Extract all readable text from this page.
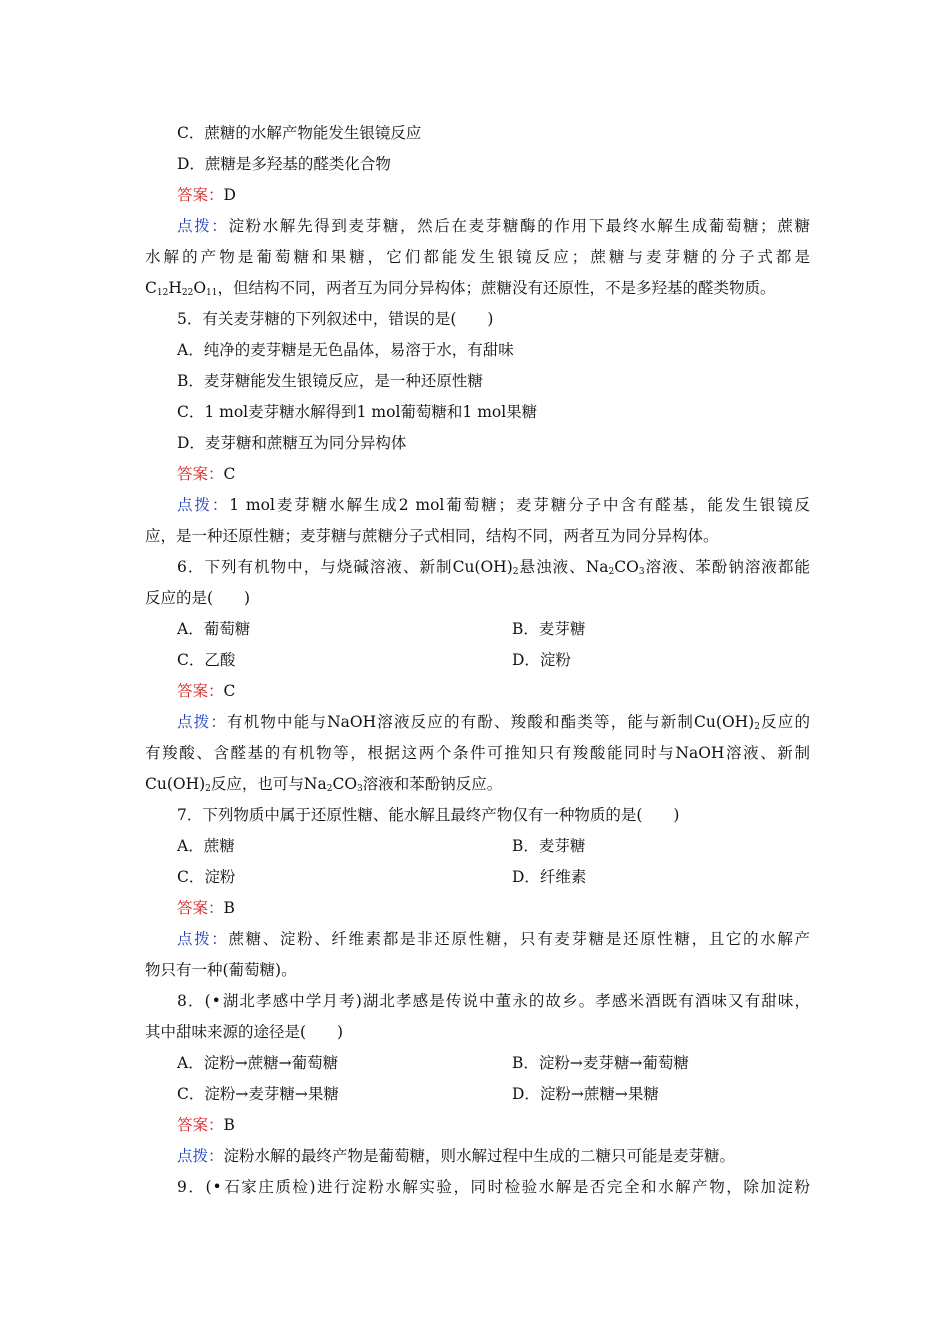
C．蔗糖的水解产物能发生银镜反应
D．蔗糖是多羟基的醛类化合物
答案：D
点拨：淀粉水解先得到麦芽糖，然后在麦芽糖酶的作用下最终水解生成葡萄糖；蔗糖
水解的产物是葡萄糖和果糖，它们都能发生银镜反应；蔗糖与麦芽糖的分子式都是
$C_{12}H_{22}O_{11}$，但结构不同，两者互为同分异构体；蔗糖没有还原性，不是多羟基的醛类物质。
5．有关麦芽糖的下列叙述中，错误的是(　　)
A．纯净的麦芽糖是无色晶体，易溶于水，有甜味
B．麦芽糖能发生银镜反应，是一种还原性糖
C．1 mol麦芽糖水解得到1 mol葡萄糖和1 mol果糖
D．麦芽糖和蔗糖互为同分异构体
答案：C
点拨：1 mol麦芽糖水解生成2 mol葡萄糖；麦芽糖分子中含有醛基，能发生银镜反
应，是一种还原性糖；麦芽糖与蔗糖分子式相同，结构不同，两者互为同分异构体。
6．下列有机物中，与烧碱溶液、新制$Cu(OH)_2$悬浊液、$Na_2CO_3$溶液、苯酚钠溶液都能
反应的是(　　)
A．葡萄糖	B．麦芽糖
C．乙酸	D．淀粉
答案：C
点拨：有机物中能与NaOH溶液反应的有酚、羧酸和酯类等，能与新制$Cu(OH)_2$反应的
有羧酸、含醛基的有机物等，根据这两个条件可推知只有羧酸能同时与NaOH溶液、新制
$Cu(OH)_2$反应，也可与$Na_2CO_3$溶液和苯酚钠反应。
7．下列物质中属于还原性糖、能水解且最终产物仅有一种物质的是(　　)
A．蔗糖	B．麦芽糖
C．淀粉	D．纤维素
答案：B
点拨：蔗糖、淀粉、纤维素都是非还原性糖，只有麦芽糖是还原性糖，且它的水解产
物只有一种(葡萄糖)。
8．(•湖北孝感中学月考)湖北孝感是传说中董永的故乡。孝感米酒既有酒味又有甜味，
其中甜味来源的途径是(　　)
A．淀粉→蔗糖→葡萄糖	B．淀粉→麦芽糖→葡萄糖
C．淀粉→麦芽糖→果糖	D．淀粉→蔗糖→果糖
答案：B
点拨：淀粉水解的最终产物是葡萄糖，则水解过程中生成的二糖只可能是麦芽糖。
9．(•石家庄质检)进行淀粉水解实验，同时检验水解是否完全和水解产物，除加淀粉
